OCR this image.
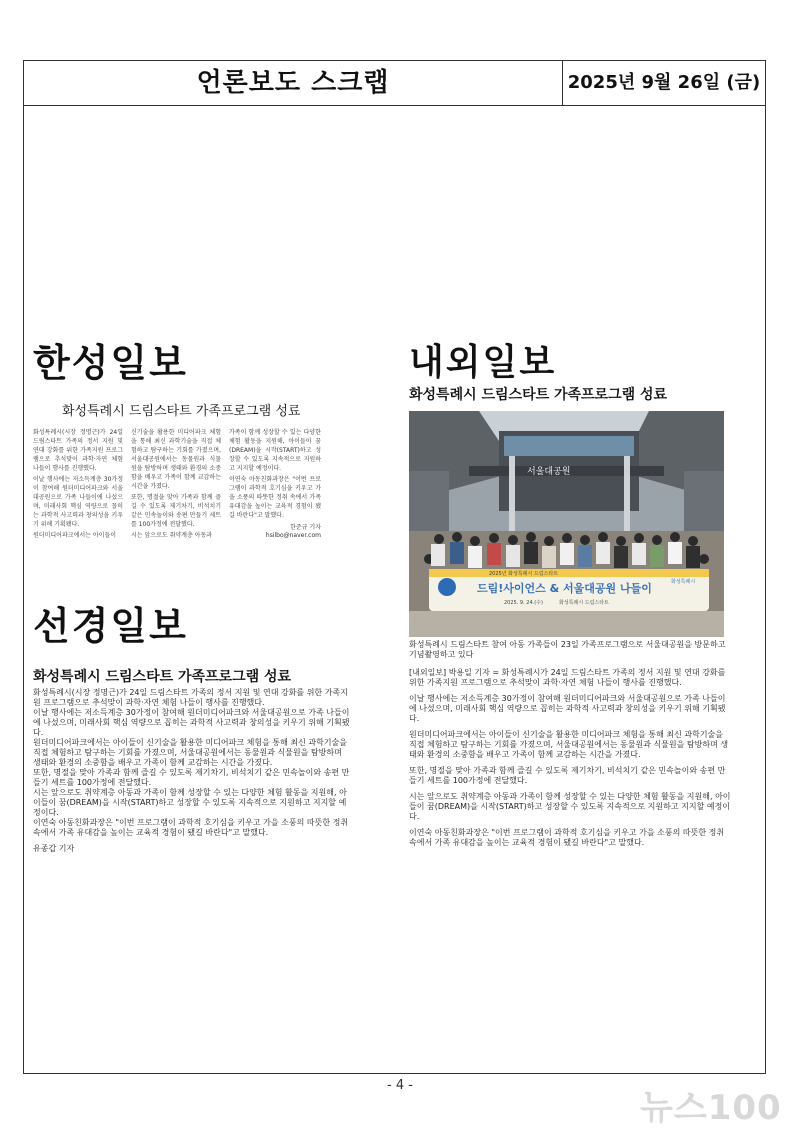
언론보도 스크랩	2025년 9월 26일 (금)
한성일보
화성특례시 드림스타트 가족프로그램 성료

화성특례시(시장 정명근)가 24일 드림스타트 가족의 정서 지원 및 연대 강화를 위한 가족지원 프로그램으로 추석맞이 과학·자연 체험 나들이 행사를 진행했다.

이날 행사에는 저소득계층 30가정이 참여해 원더미디어파크와 서울대공원으로 가족 나들이에 나섰으며, 미래사회 핵심 역량으로 꼽히는 과학적 사고력과 창의성을 키우기 위해 기획됐다.

원더미디어파크에서는 아이들이

신기술을 활용한 미디어파크 체험을 통해 최신 과학기술을 직접 체험하고 탐구하는 기회를 가졌으며, 서울대공원에서는 동물원과 식물원을 탐방하며 생태와 환경의 소중함을 배우고 가족이 함께 교감하는 시간을 가졌다.

또한, 명절을 맞아 가족과 함께 즐길 수 있도록 제기차기, 비석치기 같은 민속놀이와 송편 만들기 세트를 100가정에 전달했다.

시는 앞으로도 취약계층 아동과

가족이 함께 성장할 수 있는 다양한 체험 활동을 지원해, 아이들이 꿈(DREAM)을 시작(START)하고 성장할 수 있도록 지속적으로 지원하고 지지할 예정이다.

이연숙 아동친화과장은 "이번 프로그램이 과학적 호기심을 키우고 가을 소풍의 따뜻한 정취 속에서 가족 유대감을 높이는 교육적 경험이 됐길 바란다"고 말했다.

한준규 기자
hsilbo@naver.com
선경일보
화성특례시 드림스타트 가족프로그램 성료

화성특례시(시장 정명근)가 24일 드림스타트 가족의 정서 지원 및 연대 강화를 위한 가족지원 프로그램으로 추석맞이 과학·자연 체험 나들이 행사를 진행했다.

이날 행사에는 저소득계층 30가정이 참여해 원더미디어파크와 서울대공원으로 가족 나들이에 나섰으며, 미래사회 핵심 역량으로 꼽히는 과학적 사고력과 창의성을 키우기 위해 기획됐다.

원더미디어파크에서는 아이들이 신기술을 활용한 미디어파크 체험을 통해 최신 과학기술을 직접 체험하고 탐구하는 기회를 가졌으며, 서울대공원에서는 동물원과 식물원을 탐방하며 생태와 환경의 소중함을 배우고 가족이 함께 교감하는 시간을 가졌다.

또한, 명절을 맞아 가족과 함께 즐길 수 있도록 제기차기, 비석치기 같은 민속놀이와 송편 만들기 세트를 100가정에 전달했다.

시는 앞으로도 취약계층 아동과 가족이 함께 성장할 수 있는 다양한 체험 활동을 지원해, 아이들이 꿈(DREAM)을 시작(START)하고 성장할 수 있도록 지속적으로 지원하고 지지할 예정이다.

이연숙 아동친화과장은 "이번 프로그램이 과학적 호기심을 키우고 가을 소풍의 따뜻한 정취 속에서 가족 유대감을 높이는 교육적 경험이 됐길 바란다"고 말했다.

유종갑 기자

내외일보
화성특례시 드림스타트 가족프로그램 성료
서울대공원
2025년 화성특례시 드림스타트
드림!사이언스 & 서울대공원 나들이
2025. 9. 24.(수)	화성특례시 드림스타트
화성특례시
화성특례시 드림스타트 참여 아동 가족들이 23일 가족프로그램으로 서울대공원을 방문하고 기념촬영하고 있다

[내외일보] 박용일 기자 = 화성특례시가 24일 드림스타트 가족의 정서 지원 및 연대 강화를 위한 가족지원 프로그램으로 추석맞이 과학·자연 체험 나들이 행사를 진행했다.

이날 행사에는 저소득계층 30가정이 참여해 원더미디어파크와 서울대공원으로 가족 나들이에 나섰으며, 미래사회 핵심 역량으로 꼽히는 과학적 사고력과 창의성을 키우기 위해 기획됐다.

원더미디어파크에서는 아이들이 신기술을 활용한 미디어파크 체험을 통해 최신 과학기술을 직접 체험하고 탐구하는 기회를 가졌으며, 서울대공원에서는 동물원과 식물원을 탐방하며 생태와 환경의 소중함을 배우고 가족이 함께 교감하는 시간을 가졌다.

또한, 명절을 맞아 가족과 함께 즐길 수 있도록 제기차기, 비석치기 같은 민속놀이와 송편 만들기 세트를 100가정에 전달했다.

시는 앞으로도 취약계층 아동과 가족이 함께 성장할 수 있는 다양한 체험 활동을 지원해, 아이들이 꿈(DREAM)을 시작(START)하고 성장할 수 있도록 지속적으로 지원하고 지지할 예정이다.

이연숙 아동친화과장은 "이번 프로그램이 과학적 호기심을 키우고 가을 소풍의 따뜻한 정취 속에서 가족 유대감을 높이는 교육적 경험이 됐길 바란다"고 말했다.

- 4 -
뉴스100
